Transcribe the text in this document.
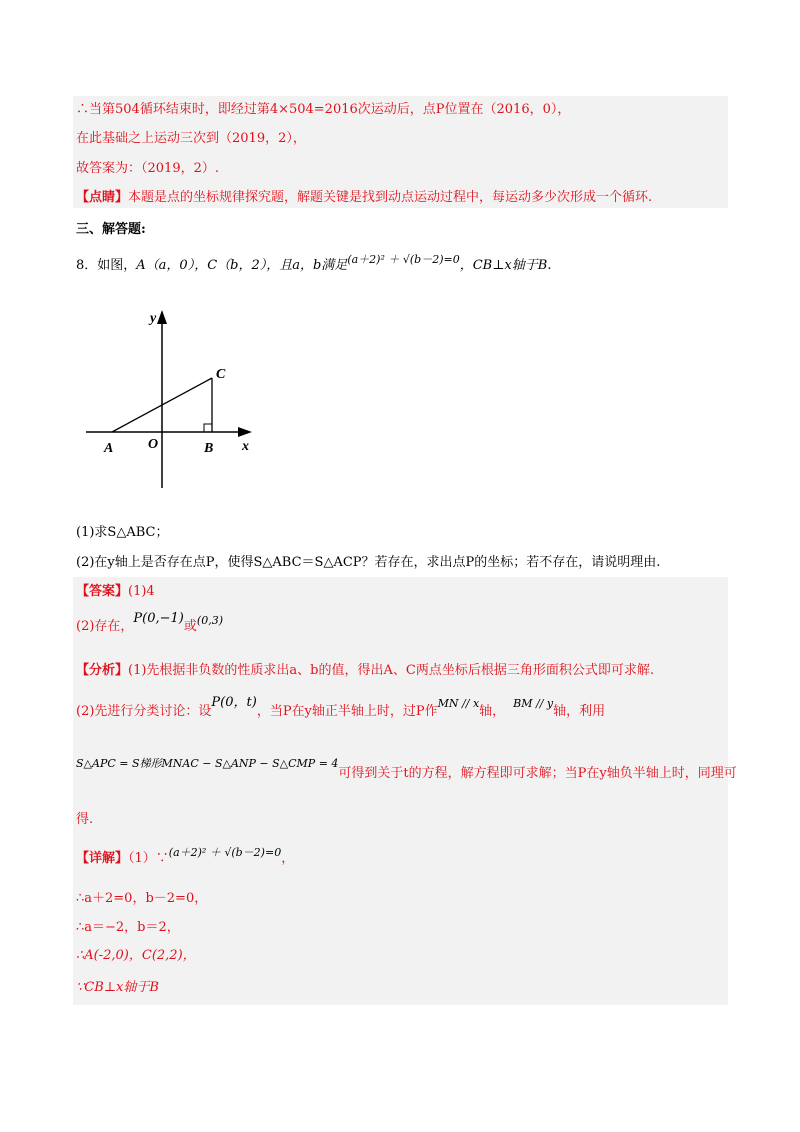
∴当第504循环结束时，即经过第4×504=2016次运动后，点P位置在（2016，0），
在此基础之上运动三次到（2019，2），
故答案为：（2019，2）.
【点睛】本题是点的坐标规律探究题，解题关键是找到动点运动过程中，每运动多少次形成一个循环.
三、解答题:
8．如图，A（a，0），C（b，2），且a，b满足$^{(a+2)^2 + √(b-2)=0}$，CB⊥x轴于B.
y
x
A O	B
C
(1)求S△ABC；
(2)在y轴上是否存在点P，使得S△ABC＝S△ACP？若存在，求出点P的坐标；若不存在，请说明理由.
【答案】(1)4
(2)存在，P(0,−1)或$^{(0,3)}$
【分析】(1)先根据非负数的性质求出a、b的值，得出A、C两点坐标后根据三角形面积公式即可求解.
(2)先进行分类讨论：设P(0，t)，当P在y轴正半轴上时，过P作$^{MN // x}$轴，$^{BM // y}$轴，利用
$^{S\triangle APC = S梯形MNAC - S\triangle ANP - S\triangle CMP = 4}$可得到关于t的方程，解方程即可求解；当P在y轴负半轴上时，同理可
得.
【详解】（1）∵$^{(a+2)^2 + √(b-2)=0}$，
∴a＋2=0，b－2=0，
∴a＝−2，b＝2，
∴A(-2,0)，C(2,2)，
∵CB⊥x轴于B
